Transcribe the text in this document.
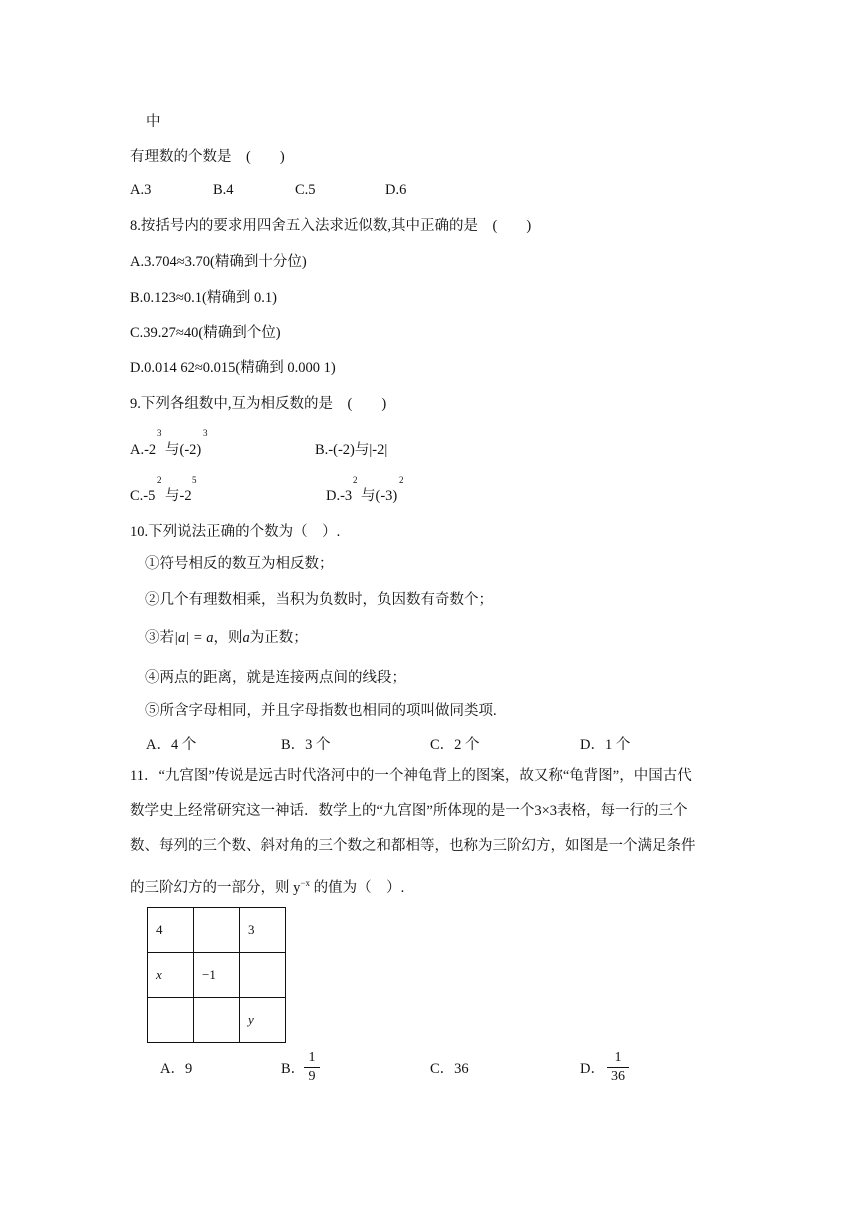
中
有理数的个数是　(　　)
A.3	B.4	C.5	D.6
8.按括号内的要求用四舍五入法求近似数,其中正确的是　(　　)
A.3.704≈3.70(精确到十分位)
B.0.123≈0.1(精确到 0.1)
C.39.27≈40(精确到个位)
D.0.014 62≈0.015(精确到 0.000 1)
9.下列各组数中,互为相反数的是　(　　)
A.-2
3
与(-2)
3
B.-(-2)与|-2|
C.-5
2
与-2
5
D.-3
2
与(-3)
2
10.下列说法正确的个数为（　）.
①符号相反的数互为相反数；
②几个有理数相乘，当积为负数时，负因数有奇数个；
③若|a| = a，则a为正数；
④两点的距离，就是连接两点间的线段；
⑤所含字母相同，并且字母指数也相同的项叫做同类项.
A．4 个	B．3 个	C．2 个	D．1 个
11．“九宫图”传说是远古时代洛河中的一个神龟背上的图案，故又称“龟背图”，中国古代
数学史上经常研究这一神话．数学上的“九宫图”所体现的是一个3×3表格，每一行的三个
数、每列的三个数、斜对角的三个数之和都相等，也称为三阶幻方，如图是一个满足条件
的三阶幻方的一部分，则 $y^{-x}$ 的值为（　）.
4		3
x	−1	
		y
A．9	B．
1
9	C．36	D．
1
36
